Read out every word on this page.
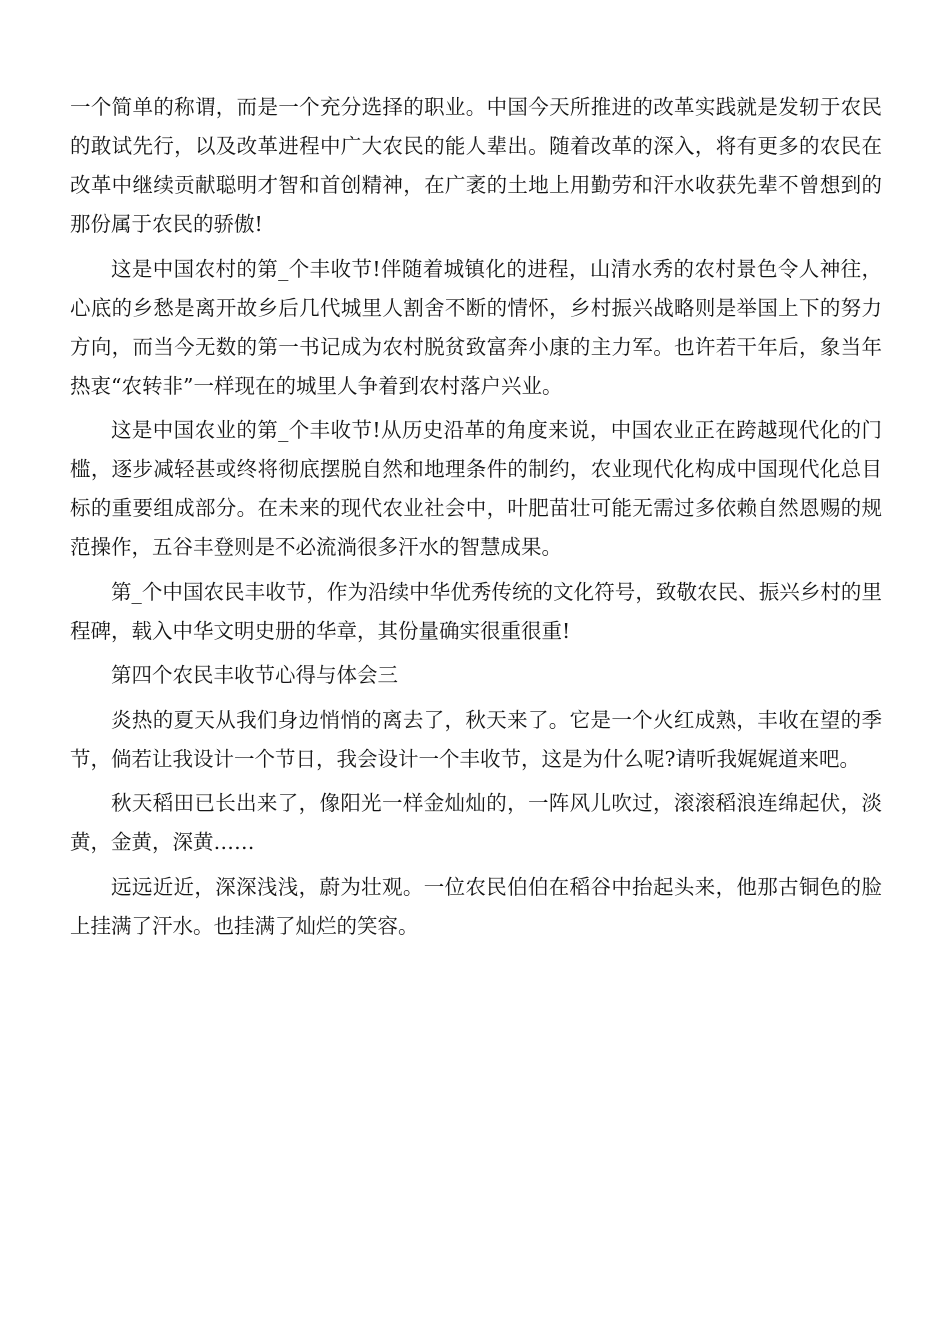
一个简单的称谓，而是一个充分选择的职业。中国今天所推进的改革实践就是发轫于农民的敢试先行，以及改革进程中广大农民的能人辈出。随着改革的深入，将有更多的农民在改革中继续贡献聪明才智和首创精神，在广袤的土地上用勤劳和汗水收获先辈不曾想到的那份属于农民的骄傲!

这是中国农村的第_个丰收节!伴随着城镇化的进程，山清水秀的农村景色令人神往，心底的乡愁是离开故乡后几代城里人割舍不断的情怀，乡村振兴战略则是举国上下的努力方向，而当今无数的第一书记成为农村脱贫致富奔小康的主力军。也许若干年后，象当年热衷“农转非”一样现在的城里人争着到农村落户兴业。

这是中国农业的第_个丰收节!从历史沿革的角度来说，中国农业正在跨越现代化的门槛，逐步减轻甚或终将彻底摆脱自然和地理条件的制约，农业现代化构成中国现代化总目标的重要组成部分。在未来的现代农业社会中，叶肥苗壮可能无需过多依赖自然恩赐的规范操作，五谷丰登则是不必流淌很多汗水的智慧成果。

第_个中国农民丰收节，作为沿续中华优秀传统的文化符号，致敬农民、振兴乡村的里程碑，载入中华文明史册的华章，其份量确实很重很重!

第四个农民丰收节心得与体会三

炎热的夏天从我们身边悄悄的离去了，秋天来了。它是一个火红成熟，丰收在望的季节，倘若让我设计一个节日，我会设计一个丰收节，这是为什么呢?请听我娓娓道来吧。

秋天稻田已长出来了，像阳光一样金灿灿的，一阵风儿吹过，滚滚稻浪连绵起伏，淡黄，金黄，深黄……

远远近近，深深浅浅，蔚为壮观。一位农民伯伯在稻谷中抬起头来，他那古铜色的脸上挂满了汗水。也挂满了灿烂的笑容。
